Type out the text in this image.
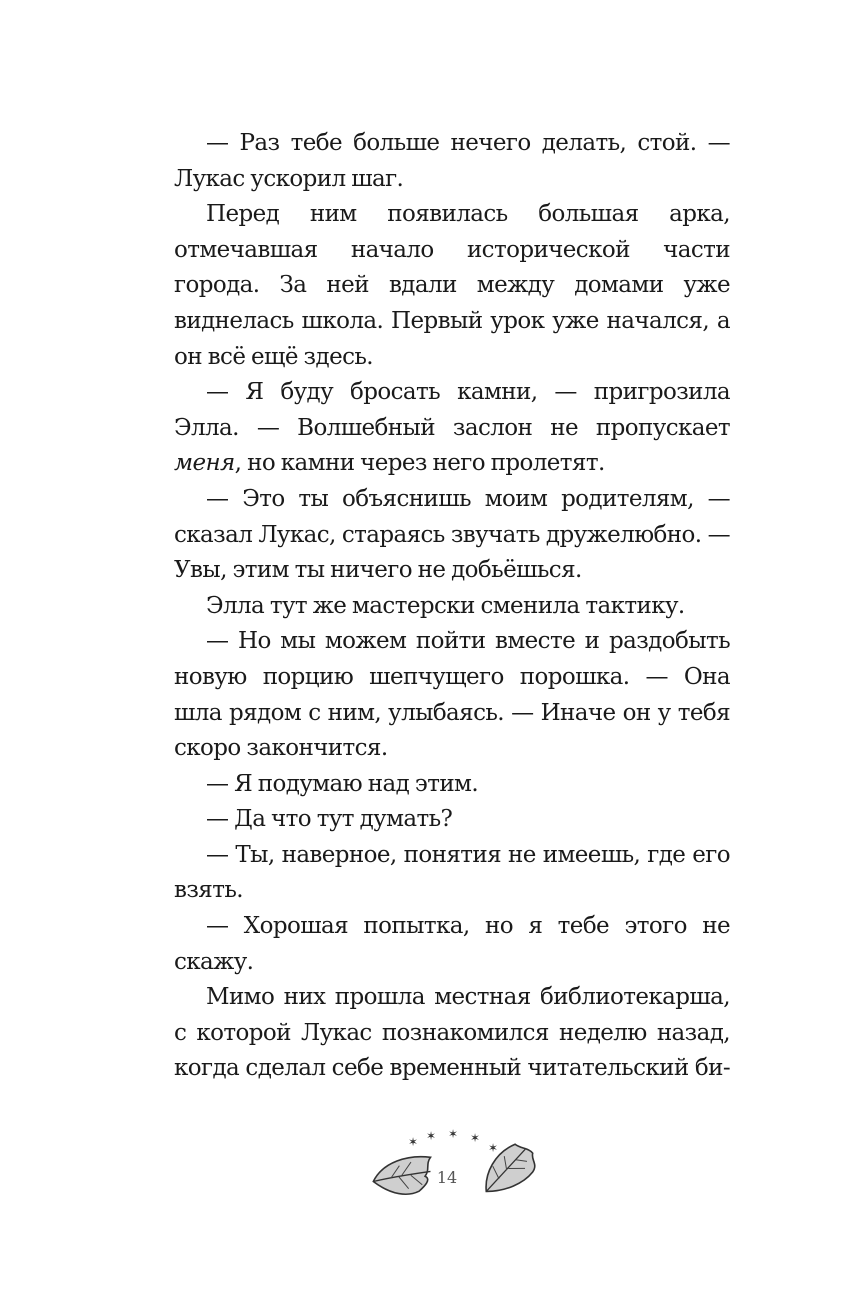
— Раз тебе больше нечего делать, стой. — Лукас ускорил шаг.

Перед ним появилась большая арка, отмечавшая начало исторической части города. За ней вдали между домами уже виднелась школа. Первый урок уже начался, а он всё ещё здесь.

— Я буду бросать камни, — пригрозила Элла. — Волшебный заслон не пропускает меня, но камни через него пролетят.

— Это ты объяснишь моим родителям, — сказал Лукас, стараясь звучать дружелюбно. — Увы, этим ты ничего не добьёшься.

Элла тут же мастерски сменила тактику.

— Но мы можем пойти вместе и раздобыть новую порцию шепчущего порошка. — Она шла рядом с ним, улыбаясь. — Иначе он у тебя скоро закончится.

— Я подумаю над этим.

— Да что тут думать?

— Ты, наверное, понятия не имеешь, где его взять.

— Хорошая попытка, но я тебе этого не скажу.

Мимо них прошла местная библиотекарша, с которой Лукас познакомился неделю назад, когда сделал себе временный читательский би-

✶ ✶ ✶ ✶
✶
14
